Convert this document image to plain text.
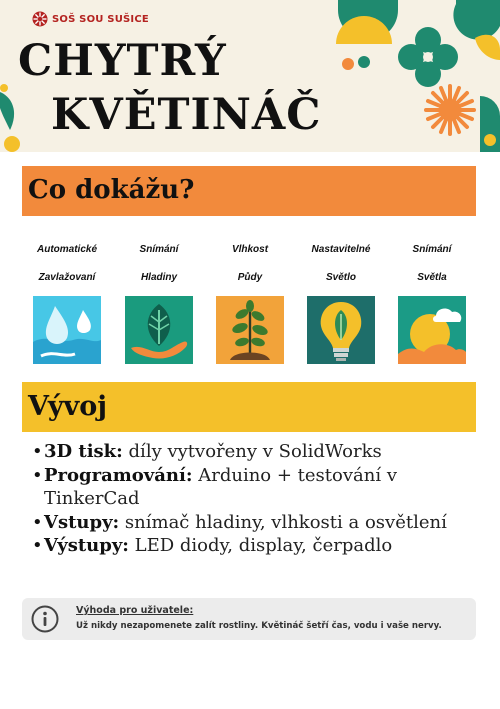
SOŠ SOU SUŠICE
CHYTRÝ
KVĚTINÁČ
Co dokážu?
Automatické
Zavlažovaní
Snímání
Hladiny
Vlhkost
Půdy
Nastavitelné
Světlo
Snímání
Světla
Vývoj
• 3D tisk: díly vytvořeny v SolidWorks
• Programování: Arduino + testování v TinkerCad
• Vstupy: snímač hladiny, vlhkosti a osvětlení
• Výstupy: LED diody, display, čerpadlo
Výhoda pro uživatele:
Už nikdy nezapomenete zalít rostliny. Květináč šetří čas, vodu i vaše nervy.
